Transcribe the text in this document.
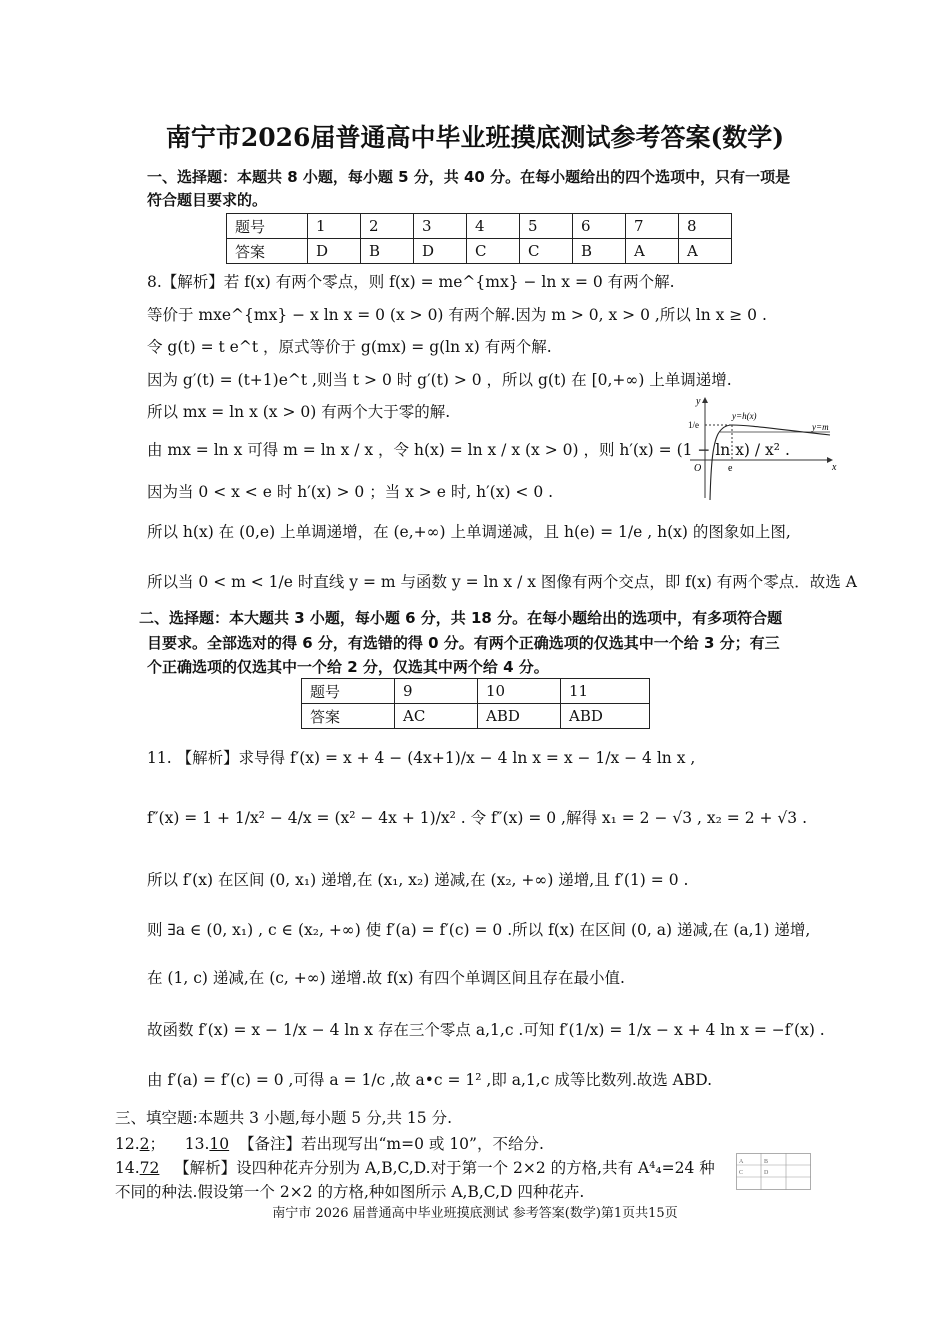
南宁市2026届普通高中毕业班摸底测试参考答案(数学)
一、选择题：本题共 8 小题，每小题 5 分，共 40 分。在每小题给出的四个选项中，只有一项是
符合题目要求的。
题号	1	2	3	4	5	6	7	8
答案	D	B	D	C	C	B	A	A
8.【解析】若 f(x) 有两个零点，则 f(x) = me^{mx} − ln x = 0 有两个解.
等价于 mxe^{mx} − x ln x = 0 (x > 0) 有两个解.因为 m > 0, x > 0 ,所以 ln x ≥ 0 .
令 g(t) = t e^t ，原式等价于 g(mx) = g(ln x) 有两个解.
因为 g′(t) = (t+1)e^t ,则当 t > 0 时 g′(t) > 0 ，所以 g(t) 在 [0,+∞) 上单调递增.
所以 mx = ln x (x > 0) 有两个大于零的解.
由 mx = ln x 可得 m = ln x / x ，令 h(x) = ln x / x (x > 0) ，则 h′(x) = (1 − ln x) / x² .
因为当 0 < x < e 时 h′(x) > 0 ；当 x > e 时, h′(x) < 0 .
所以 h(x) 在 (0,e) 上单调递增，在 (e,+∞) 上单调递减，且 h(e) = 1/e , h(x) 的图象如上图,
所以当 0 < m < 1/e 时直线 y = m 与函数 y = ln x / x 图像有两个交点，即 f(x) 有两个零点．故选 A
y
x
O
1/e
e
y=h(x)
y=m
二、选择题：本大题共 3 小题，每小题 6 分，共 18 分。在每小题给出的选项中，有多项符合题
目要求。全部选对的得 6 分，有选错的得 0 分。有两个正确选项的仅选其中一个给 3 分；有三
个正确选项的仅选其中一个给 2 分，仅选其中两个给 4 分。
题号	9	10	11
答案	AC	ABD	ABD
11. 【解析】求导得 f′(x) = x + 4 − (4x+1)/x − 4 ln x = x − 1/x − 4 ln x ,
f″(x) = 1 + 1/x² − 4/x = (x² − 4x + 1)/x² . 令 f″(x) = 0 ,解得 x₁ = 2 − √3 , x₂ = 2 + √3 .
所以 f′(x) 在区间 (0, x₁) 递增,在 (x₁, x₂) 递减,在 (x₂, +∞) 递增,且 f′(1) = 0 .
则 ∃a ∈ (0, x₁) , c ∈ (x₂, +∞) 使 f′(a) = f′(c) = 0 .所以 f(x) 在区间 (0, a) 递减,在 (a,1) 递增,
在 (1, c) 递减,在 (c, +∞) 递增.故 f(x) 有四个单调区间且存在最小值.
故函数 f′(x) = x − 1/x − 4 ln x 存在三个零点 a,1,c .可知 f′(1/x) = 1/x − x + 4 ln x = −f′(x) .
由 f′(a) = f′(c) = 0 ,可得 a = 1/c ,故 a•c = 1² ,即 a,1,c 成等比数列.故选 ABD.
三、填空题:本题共 3 小题,每小题 5 分,共 15 分.
12.2；    13.10 【备注】若出现写出“m=0 或 10”，不给分.
14.72 【解析】设四种花卉分别为 A,B,C,D.对于第一个 2×2 的方格,共有 A⁴₄=24 种
不同的种法.假设第一个 2×2 的方格,种如图所示 A,B,C,D 四种花卉.
A	B
C	D
南宁市 2026 届普通高中毕业班摸底测试 参考答案(数学)第1页共15页
